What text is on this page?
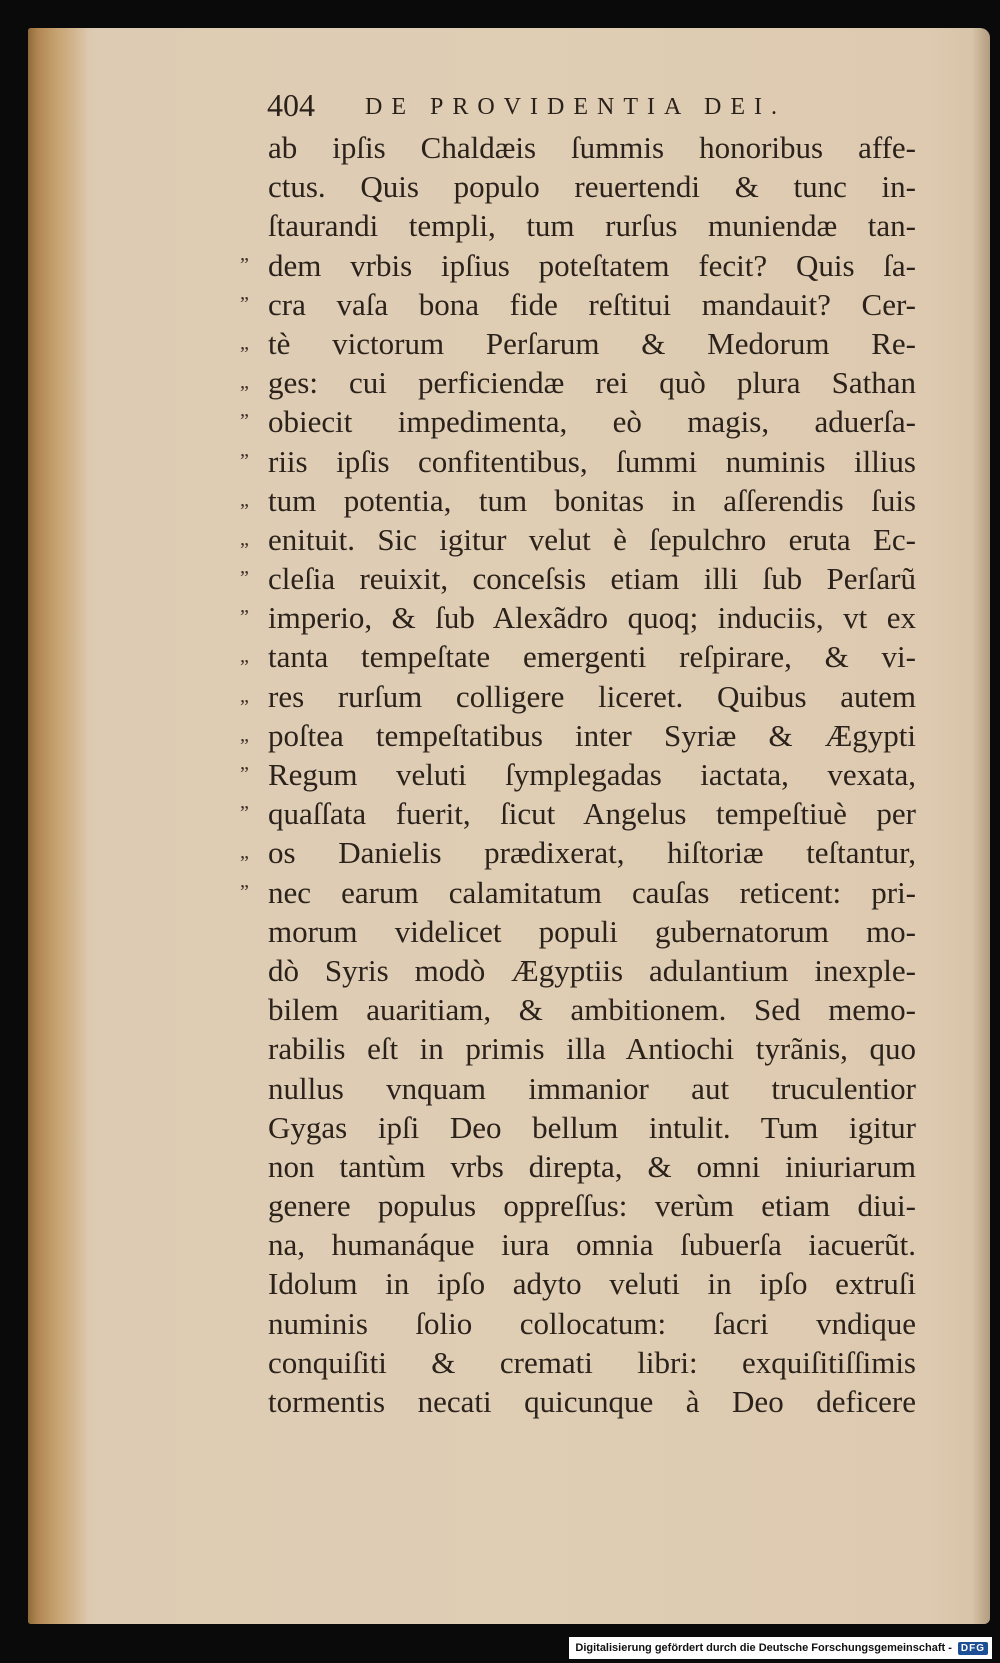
404 DE PROVIDENTIA DEI.
”
”
„
„
”
”
„
„
”
”
„
„
„
”
”
„
”
ab ipſis Chaldæis ſummis honoribus affe-
ctus. Quis populo reuertendi & tunc in-
ſtaurandi templi, tum rurſus muniendæ tan-
dem vrbis ipſius poteſtatem fecit? Quis ſa-
cra vaſa bona fide reſtitui mandauit? Cer-
tè victorum Perſarum & Medorum Re-
ges: cui perficiendæ rei quò plura Sathan
obiecit impedimenta, eò magis, aduerſa-
riis ipſis confitentibus, ſummi numinis illius
tum potentia, tum bonitas in aſſerendis ſuis
enituit. Sic igitur velut è ſepulchro eruta Ec-
cleſia reuixit, conceſsis etiam illi ſub Perſarũ
imperio, & ſub Alexãdro quoq; induciis, vt ex
tanta tempeſtate emergenti reſpirare, & vi-
res rurſum colligere liceret. Quibus autem
poſtea tempeſtatibus inter Syriæ & Ægypti
Regum veluti ſymplegadas iactata, vexata,
quaſſata fuerit, ſicut Angelus tempeſtiuè per
os Danielis prædixerat, hiſtoriæ teſtantur,
nec earum calamitatum cauſas reticent: pri-
morum videlicet populi gubernatorum mo-
dò Syris modò Ægyptiis adulantium inexple-
bilem auaritiam, & ambitionem. Sed memo-
rabilis eſt in primis illa Antiochi tyrãnis, quo
nullus vnquam immanior aut truculentior
Gygas ipſi Deo bellum intulit. Tum igitur
non tantùm vrbs direpta, & omni iniuriarum
genere populus oppreſſus: verùm etiam diui-
na, humanáque iura omnia ſubuerſa iacuerũt.
Idolum in ipſo adyto veluti in ipſo extruſi
numinis ſolio collocatum: ſacri vndique
conquiſiti & cremati libri: exquiſitiſſimis
tormentis necati quicunque à Deo deficere
Digitalisierung gefördert durch die Deutsche Forschungsgemeinschaft - DFG
